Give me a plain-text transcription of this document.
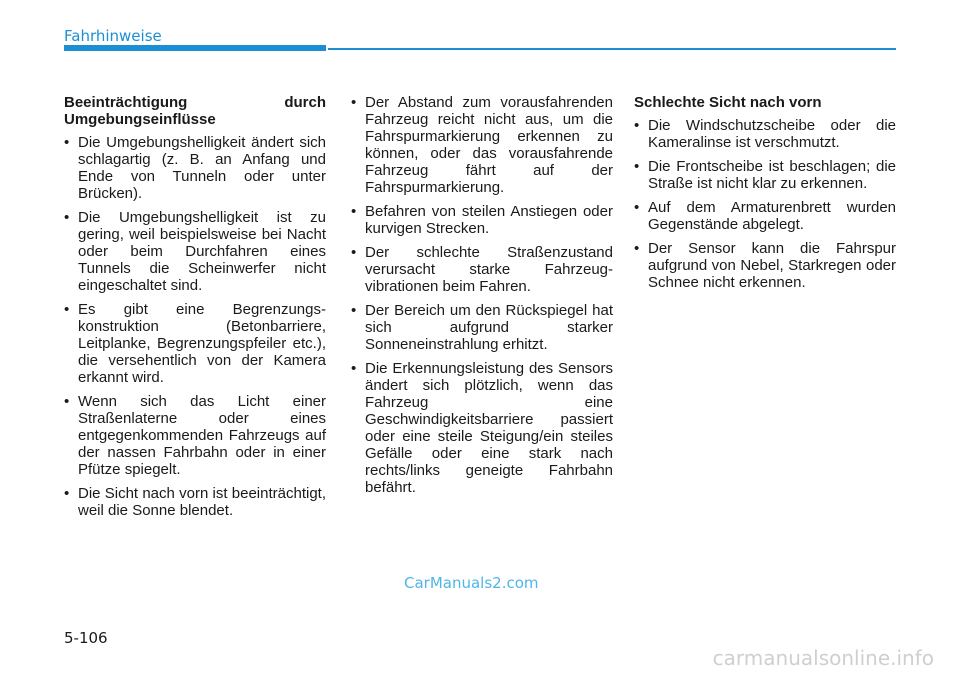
Fahrhinweise
Beeinträchtigung durch Umgebungseinflüsse
• Die Umgebungshelligkeit ändert sich schlagartig (z. B. an Anfang und Ende von Tunneln oder unter Brücken).
• Die Umgebungshelligkeit ist zu gering, weil beispielsweise bei Nacht oder beim Durchfahren eines Tunnels die Scheinwerfer nicht eingeschaltet sind.
• Es gibt eine Begrenzungs-konstruktion (Betonbarriere, Leitplanke, Begrenzungspfeiler etc.), die versehentlich von der Kamera erkannt wird.
• Wenn sich das Licht einer Straßenlaterne oder eines entgegenkommenden Fahrzeugs auf der nassen Fahrbahn oder in einer Pfütze spiegelt.
• Die Sicht nach vorn ist beeinträchtigt, weil die Sonne blendet.
• Der Abstand zum vorausfahrenden Fahrzeug reicht nicht aus, um die Fahrspurmarkierung erkennen zu können, oder das vorausfahrende Fahrzeug fährt auf der Fahrspurmarkierung.
• Befahren von steilen Anstiegen oder kurvigen Strecken.
• Der schlechte Straßenzustand verursacht starke Fahrzeug-vibrationen beim Fahren.
• Der Bereich um den Rückspiegel hat sich aufgrund starker Sonneneinstrahlung erhitzt.
• Die Erkennungsleistung des Sensors ändert sich plötzlich, wenn das Fahrzeug eine Geschwindigkeitsbarriere passiert oder eine steile Steigung/ein steiles Gefälle oder eine stark nach rechts/links geneigte Fahrbahn befährt.
Schlechte Sicht nach vorn
• Die Windschutzscheibe oder die Kameralinse ist verschmutzt.
• Die Frontscheibe ist beschlagen; die Straße ist nicht klar zu erkennen.
• Auf dem Armaturenbrett wurden Gegenstände abgelegt.
• Der Sensor kann die Fahrspur aufgrund von Nebel, Starkregen oder Schnee nicht erkennen.
CarManuals2.com
5-106
carmanualsonline.info
